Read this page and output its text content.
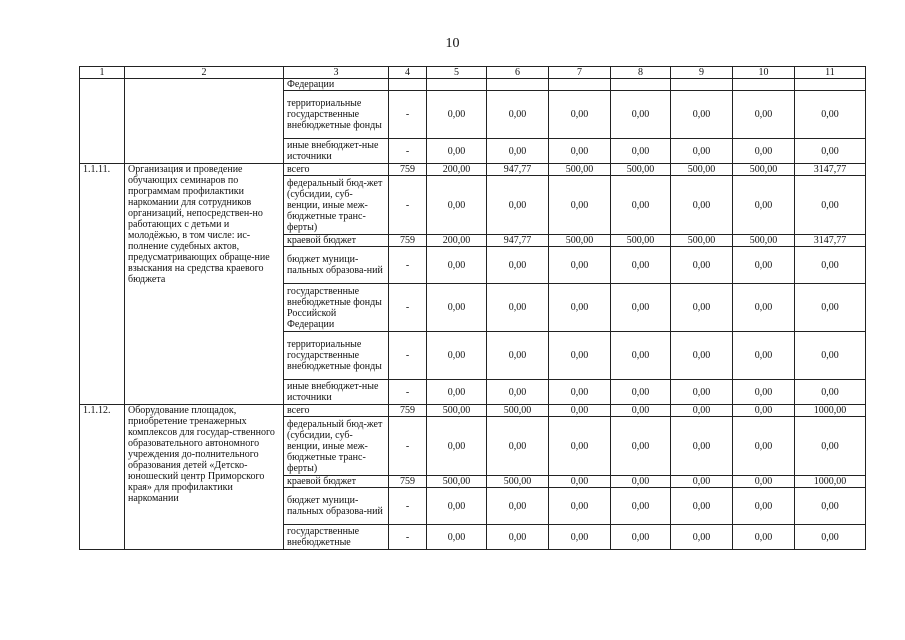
10
1	2	3	4	5	6	7	8	9	10	11
		Федерации								
		территориальные государственные внебюджетные фонды	-	0,00	0,00	0,00	0,00	0,00	0,00	0,00
		иные внебюджет-ные источники	-	0,00	0,00	0,00	0,00	0,00	0,00	0,00
1.1.11.	Организация и проведение обучающих семинаров по программам профилактики наркомании для сотрудников организаций, непосредствен-но работающих с детьми и молодёжью, в том числе: ис-полнение судебных актов, предусматривающих обраще-ние взыскания на средства краевого бюджета	всего	759	200,00	947,77	500,00	500,00	500,00	500,00	3147,77
		федеральный бюд-жет (субсидии, суб-венции, иные меж-бюджетные транс-ферты)	-	0,00	0,00	0,00	0,00	0,00	0,00	0,00
		краевой бюджет	759	200,00	947,77	500,00	500,00	500,00	500,00	3147,77
		бюджет муници-пальных образова-ний	-	0,00	0,00	0,00	0,00	0,00	0,00	0,00
		государственные внебюджетные фонды Российской Федерации	-	0,00	0,00	0,00	0,00	0,00	0,00	0,00
		территориальные государственные внебюджетные фонды	-	0,00	0,00	0,00	0,00	0,00	0,00	0,00
		иные внебюджет-ные источники	-	0,00	0,00	0,00	0,00	0,00	0,00	0,00
1.1.12.	Оборудование площадок, приобретение тренажерных комплексов для государ-ственного образовательного автономного учреждения до-полнительного образования детей «Детско-юношеский центр Приморского края» для профилактики наркомании	всего	759	500,00	500,00	0,00	0,00	0,00	0,00	1000,00
		федеральный бюд-жет (субсидии, суб-венции, иные меж-бюджетные транс-ферты)	-	0,00	0,00	0,00	0,00	0,00	0,00	0,00
		краевой бюджет	759	500,00	500,00	0,00	0,00	0,00	0,00	1000,00
		бюджет муници-пальных образова-ний	-	0,00	0,00	0,00	0,00	0,00	0,00	0,00
		государственные внебюджетные	-	0,00	0,00	0,00	0,00	0,00	0,00	0,00
